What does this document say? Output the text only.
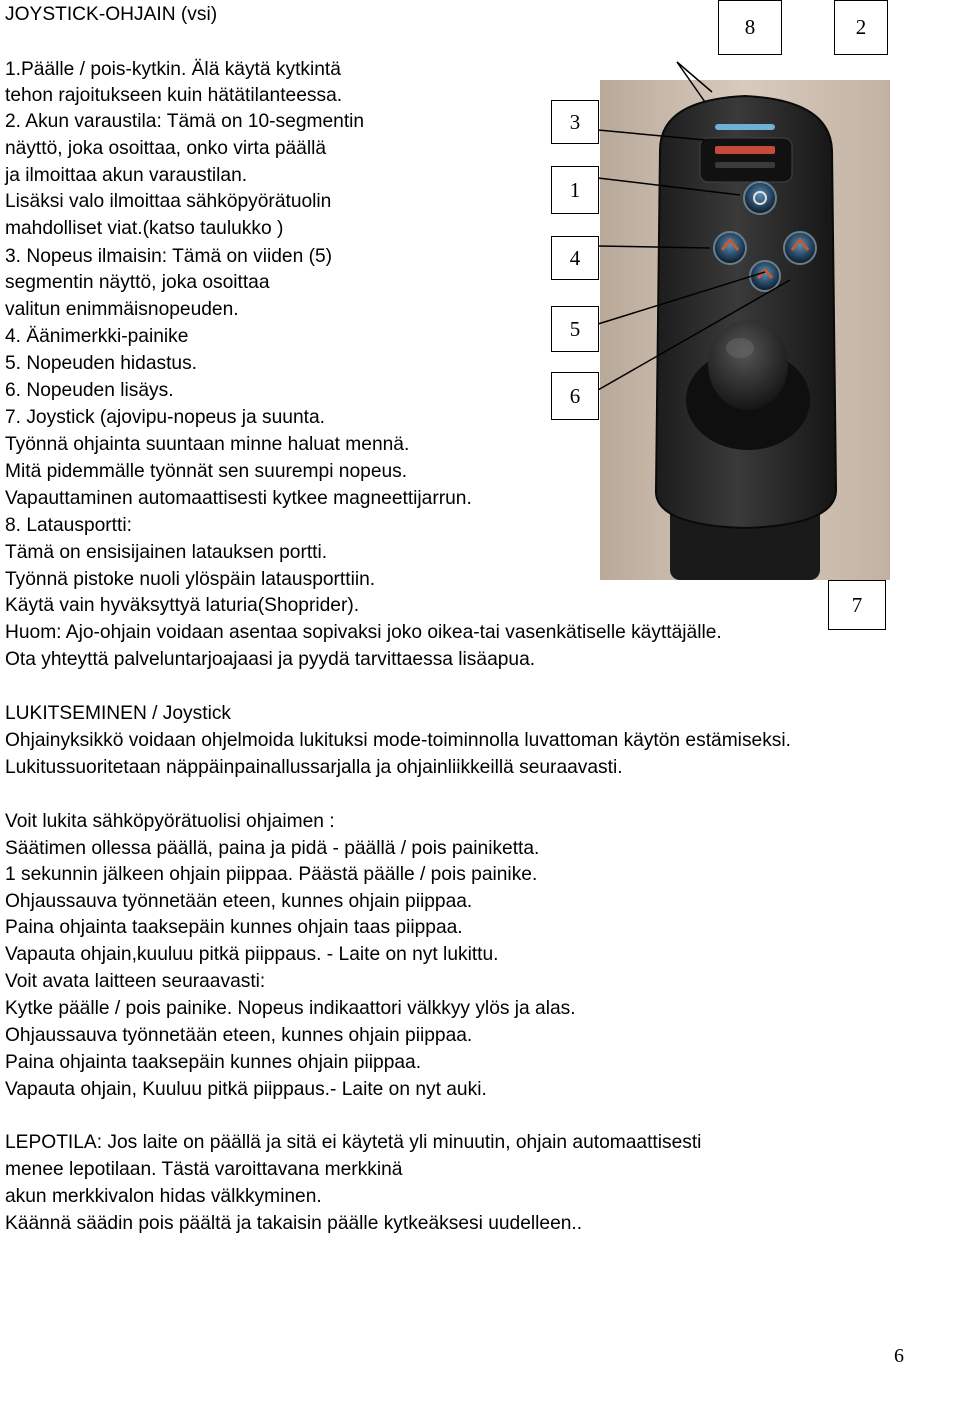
8	2
3
1
4
5
6
7
JOYSTICK-OHJAIN (vsi)
1.Päälle / pois-kytkin. Älä käytä kytkintä
tehon rajoitukseen kuin hätätilanteessa.
2. Akun varaustila: Tämä on 10-segmentin
näyttö, joka osoittaa, onko virta päällä
ja ilmoittaa akun varaustilan.
Lisäksi valo ilmoittaa sähköpyörätuolin
mahdolliset viat.(katso taulukko )
3. Nopeus ilmaisin: Tämä on viiden (5)
segmentin näyttö, joka osoittaa
valitun enimmäisnopeuden.
4. Äänimerkki-painike
5. Nopeuden hidastus.
6. Nopeuden lisäys.
7. Joystick (ajovipu-nopeus ja suunta.
Työnnä ohjainta suuntaan minne haluat mennä.
Mitä pidemmälle työnnät sen suurempi nopeus.
Vapauttaminen automaattisesti kytkee magneettijarrun.
8. Latausportti:
Tämä on ensisijainen latauksen portti.
Työnnä pistoke nuoli ylöspäin latausporttiin.
Käytä vain hyväksyttyä laturia(Shoprider).
Huom: Ajo-ohjain voidaan asentaa sopivaksi joko oikea-tai vasenkätiselle käyttäjälle.
Ota yhteyttä palveluntarjoajaasi ja pyydä tarvittaessa lisäapua.
LUKITSEMINEN / Joystick
Ohjainyksikkö voidaan ohjelmoida lukituksi mode-toiminnolla luvattoman käytön estämiseksi.
Lukitussuoritetaan näppäinpainallussarjalla ja ohjainliikkeillä seuraavasti.
Voit lukita sähköpyörätuolisi ohjaimen :
Säätimen ollessa päällä, paina ja pidä - päällä / pois painiketta.
1 sekunnin jälkeen ohjain piippaa. Päästä päälle / pois painike.
Ohjaussauva työnnetään eteen, kunnes ohjain piippaa.
Paina ohjainta taaksepäin kunnes ohjain taas piippaa.
Vapauta ohjain,kuuluu pitkä piippaus. - Laite on nyt lukittu.
Voit avata laitteen seuraavasti:
Kytke päälle / pois painike. Nopeus indikaattori välkkyy ylös ja alas.
Ohjaussauva työnnetään eteen, kunnes ohjain piippaa.
Paina ohjainta taaksepäin kunnes ohjain piippaa.
Vapauta ohjain, Kuuluu pitkä piippaus.- Laite on nyt auki.
LEPOTILA: Jos laite on päällä ja sitä ei käytetä yli minuutin, ohjain automaattisesti
menee lepotilaan. Tästä varoittavana merkkinä
akun merkkivalon hidas välkkyminen.
Käännä säädin pois päältä ja takaisin päälle kytkeäksesi uudelleen..
6
